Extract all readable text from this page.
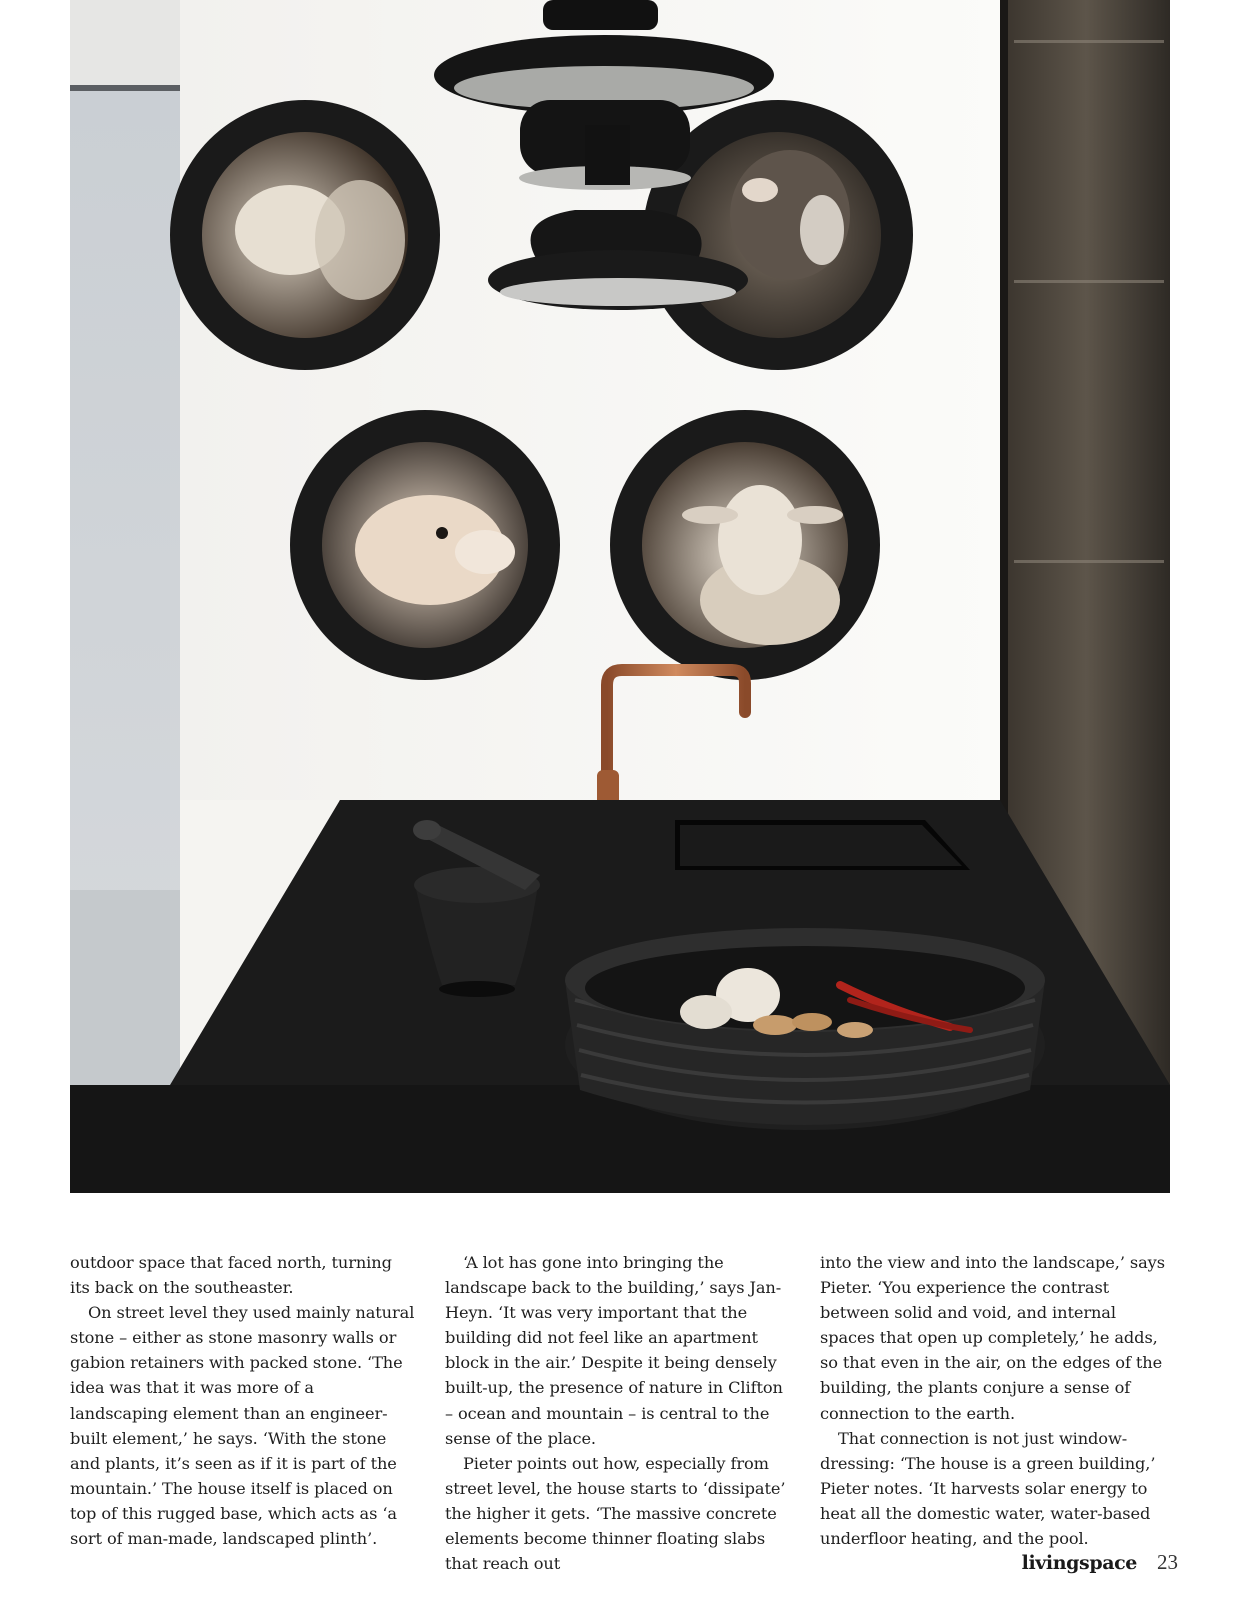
outdoor space that faced north, turning its back on the southeaster.

On street level they used mainly natural stone – either as stone masonry walls or gabion retainers with packed stone. ‘The idea was that it was more of a landscaping element than an engineer-built element,’ he says. ‘With the stone and plants, it’s seen as if it is part of the mountain.’ The house itself is placed on top of this rugged base, which acts as ‘a sort of man-made, landscaped plinth’.

‘A lot has gone into bringing the landscape back to the building,’ says Jan-Heyn. ‘It was very important that the building did not feel like an apartment block in the air.’ Despite it being densely built-up, the presence of nature in Clifton – ocean and mountain – is central to the sense of the place.

Pieter points out how, especially from street level, the house starts to ‘dissipate’ the higher it gets. ‘The massive concrete elements become thinner floating slabs that reach out

into the view and into the landscape,’ says Pieter. ‘You experience the contrast between solid and void, and internal spaces that open up completely,’ he adds, so that even in the air, on the edges of the building, the plants conjure a sense of connection to the earth.

That connection is not just window-dressing: ‘The house is a green building,’ Pieter notes. ‘It harvests solar energy to heat all the domestic water, water-based underfloor heating, and the pool.

livingspace 23
